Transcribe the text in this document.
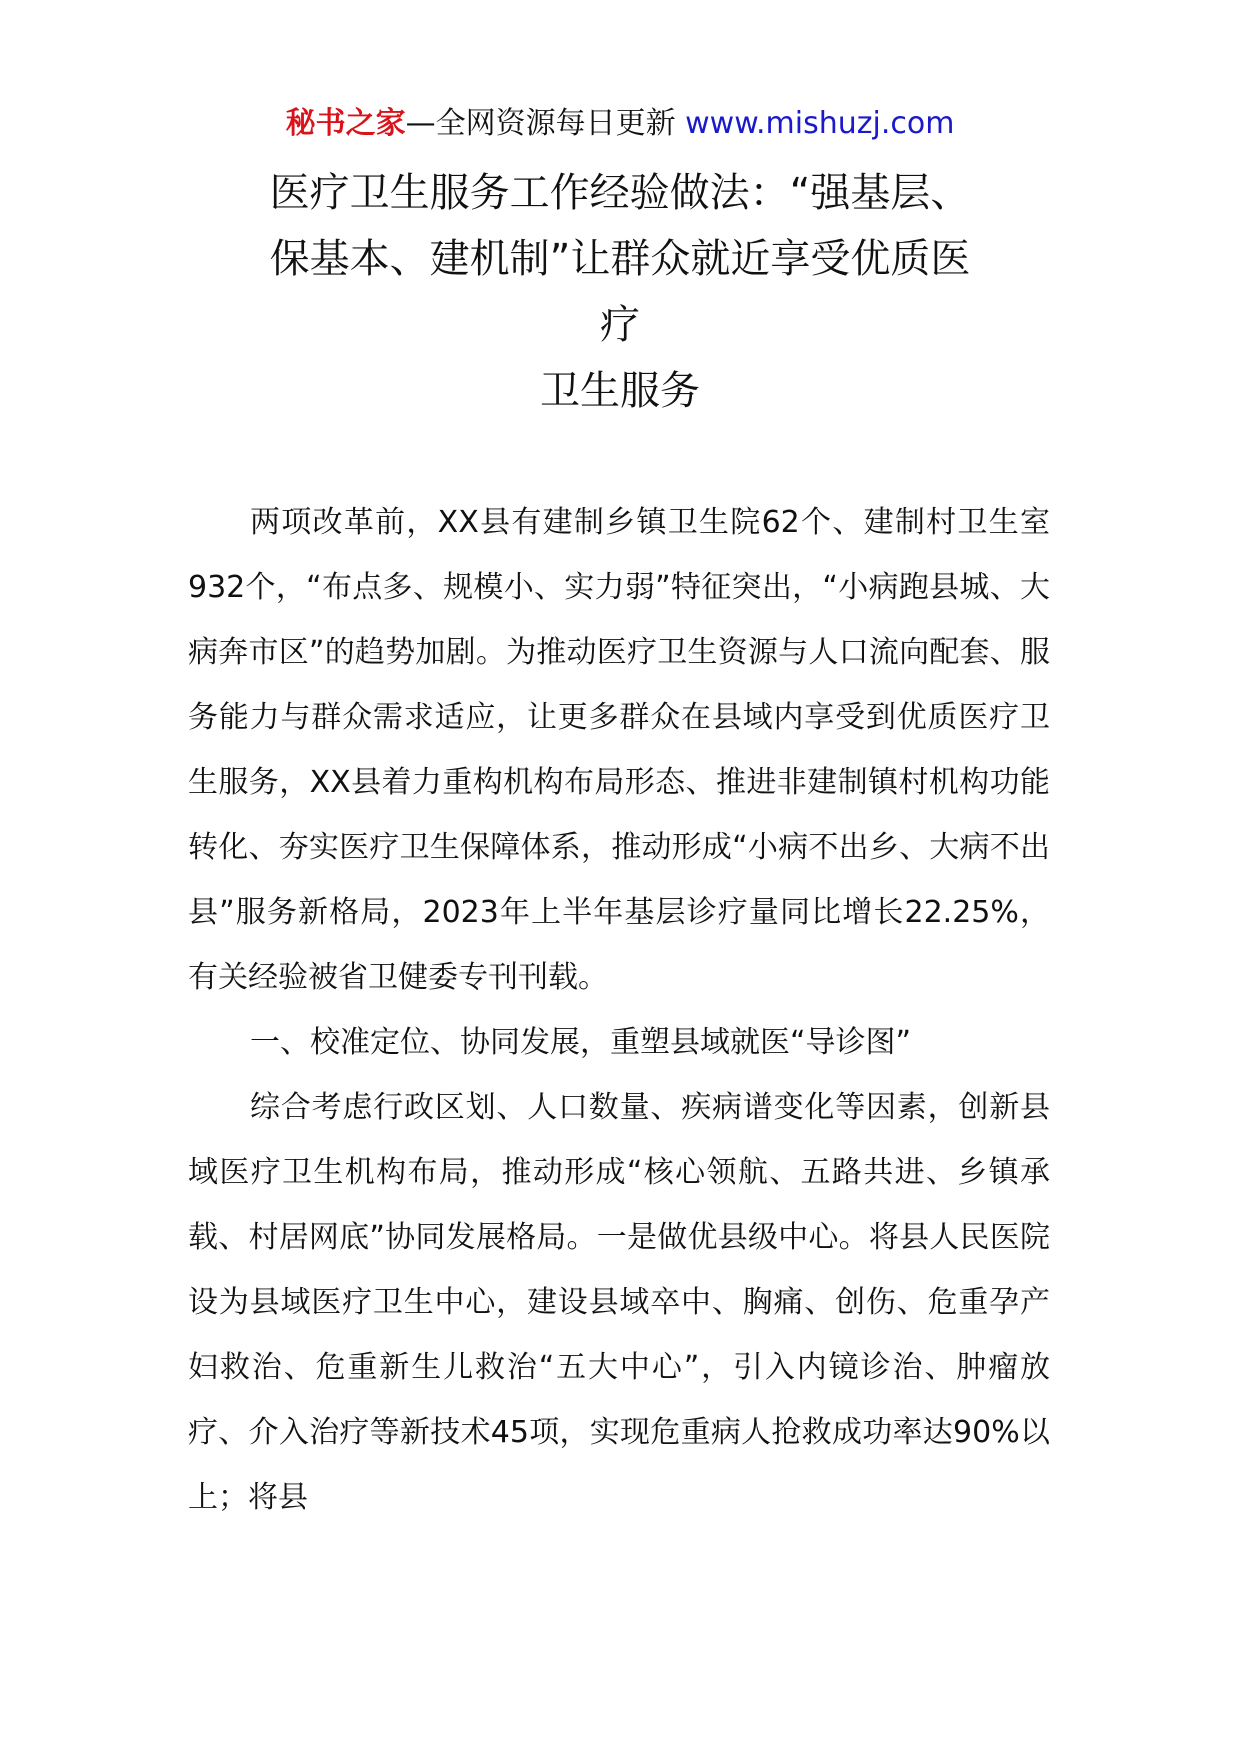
秘书之家—全网资源每日更新 www.mishuzj.com
医疗卫生服务工作经验做法：“强基层、
保基本、建机制”让群众就近享受优质医
疗
卫生服务

两项改革前，XX县有建制乡镇卫生院62个、建制村卫生室932个，“布点多、规模小、实力弱”特征突出，“小病跑县城、大病奔市区”的趋势加剧。为推动医疗卫生资源与人口流向配套、服务能力与群众需求适应，让更多群众在县域内享受到优质医疗卫生服务，XX县着力重构机构布局形态、推进非建制镇村机构功能转化、夯实医疗卫生保障体系，推动形成“小病不出乡、大病不出县”服务新格局，2023年上半年基层诊疗量同比增长22.25%，有关经验被省卫健委专刊刊载。

一、校准定位、协同发展，重塑县域就医“导诊图”

综合考虑行政区划、人口数量、疾病谱变化等因素，创新县域医疗卫生机构布局，推动形成“核心领航、五路共进、乡镇承载、村居网底”协同发展格局。一是做优县级中心。将县人民医院设为县域医疗卫生中心，建设县域卒中、胸痛、创伤、危重孕产妇救治、危重新生儿救治“五大中心”，引入内镜诊治、肿瘤放疗、介入治疗等新技术45项，实现危重病人抢救成功率达90%以上；将县
